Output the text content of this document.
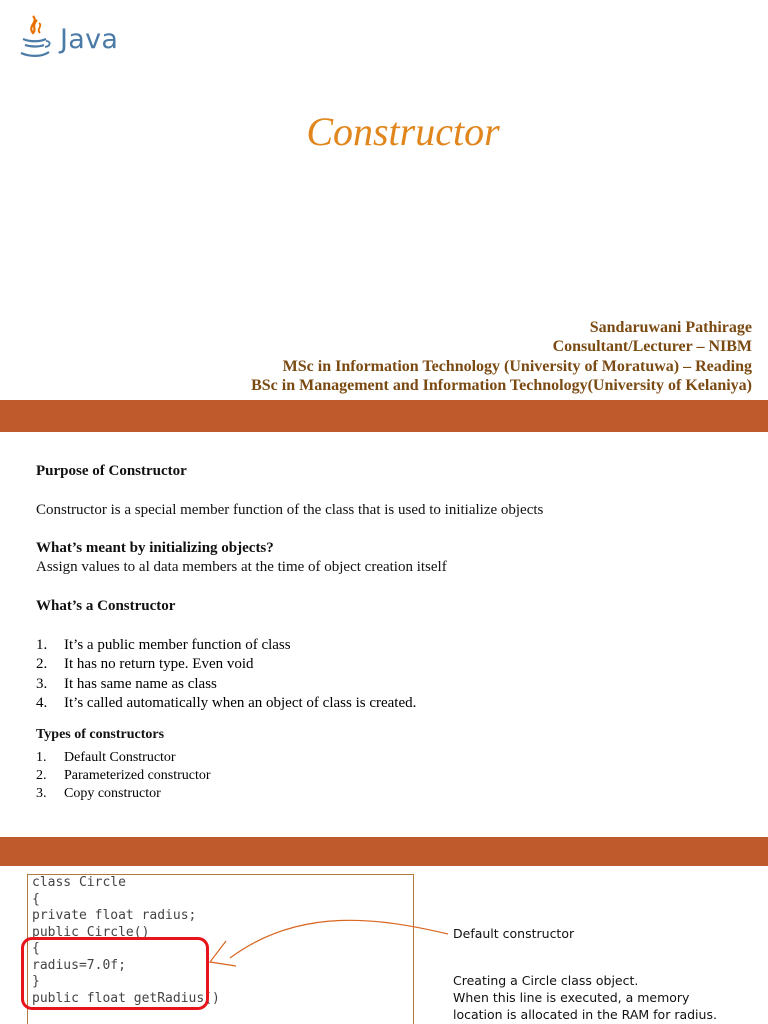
Java
Constructor
Sandaruwani Pathirage
Consultant/Lecturer – NIBM
MSc in Information Technology (University of Moratuwa) – Reading
BSc in Management and Information Technology(University of Kelaniya)
Purpose of Constructor
Constructor is a special member function of the class that is used to initialize objects
What’s meant by initializing objects?
Assign values to al data members at the time of object creation itself
What’s a Constructor
1. It’s a public member function of class
2. It has no return type. Even void
3. It has same name as class
4. It’s called automatically when an object of class is created.
Types of constructors
1. Default Constructor
2. Parameterized constructor
3. Copy constructor
class Circle
{
private float radius;
public Circle()
{
radius=7.0f;
}
public float getRadius()
Default constructor
Creating a Circle class object.
When this line is executed, a memory
location is allocated in the RAM for radius.
